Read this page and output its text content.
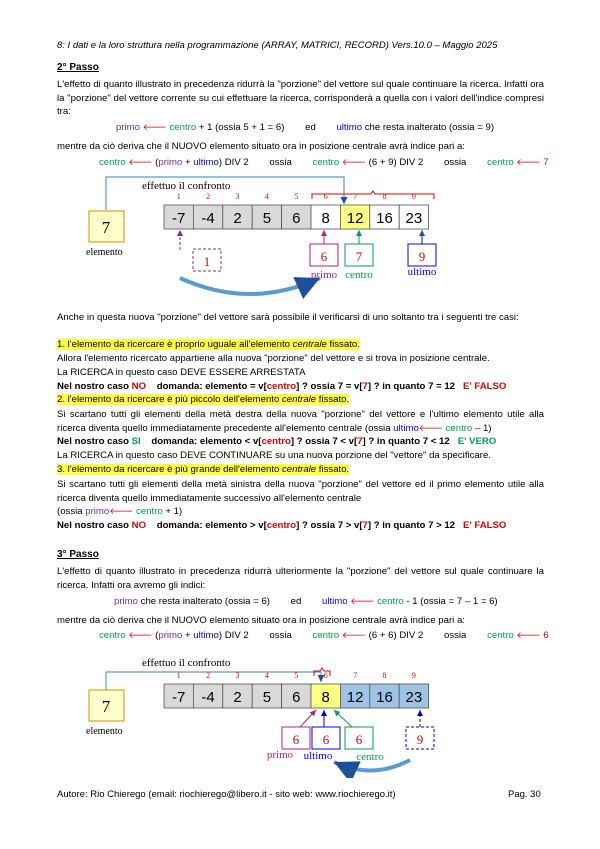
8: I dati e la loro struttura nella programmazione (ARRAY, MATRICI, RECORD) Vers.10.0 – Maggio 2025
2° Passo
L'effetto di quanto illustrato in precedenza ridurrà la "porzione" del vettore sul quale continuare la ricerca. Infatti ora la "porzione" del vettore corrente su cui effettuare la ricerca, corrisponderà a quella con i valori dell'indice compresi tra:
primo 🡐 centro + 1 (ossia 5 + 1 = 6) ed ultimo che resta inalterato (ossia = 9)
mentre da ciò deriva che il NUOVO elemento situato ora in posizione centrale avrà indice pari a:
centro 🡐 (primo + ultimo) DIV 2 ossia centro 🡐 (6 + 9) DIV 2 ossia centro 🡐 7
effettuo il confronto
7
elemento
1
-7
2
-4
3
2
4
5
5
6
6
8
7
12
8
16
9
23
1	6
primo
7
centro
9
ultimo
Anche in questa nuova "porzione" del vettore sarà possibile il verificarsi di uno soltanto tra i seguenti tre casi:
1. l'elemento da ricercare è proprio uguale all'elemento centrale fissato.
Allora l'elemento ricercato appartiene alla nuova "porzione" del vettore e si trova in posizione centrale.
La RICERCA in questo caso DEVE ESSERE ARRESTATA
Nel nostro caso NO domanda: elemento = v[centro] ? ossia 7 = v[7] ? in quanto 7 = 12 E' FALSO
2. l'elemento da ricercare è più piccolo dell'elemento centrale fissato.
Si scartano tutti gli elementi della metà destra della nuova "porzione" del vettore e l'ultimo elemento utile alla ricerca diventa quello immediatamente precedente all'elemento centrale (ossia ultimo🡐 centro – 1)
Nel nostro caso SI domanda: elemento < v[centro] ? ossia 7 < v[7] ? in quanto 7 < 12 E' VERO
La RICERCA in questo caso DEVE CONTINUARE su una nuova porzione del "vettore" da specificare.
3. l'elemento da ricercare è più grande dell'elemento centrale fissato.
Si scartano tutti gli elementi della metà sinistra della nuova "porzione" del vettore ed il primo elemento utile alla ricerca diventa quello immediatamente successivo all'elemento centrale
(ossia primo🡐 centro + 1)
Nel nostro caso NO domanda: elemento > v[centro] ? ossia 7 > v[7] ? in quanto 7 > 12 E' FALSO
3° Passo
L'effetto di quanto illustrato in precedenza ridurrà ulteriormente la "porzione" del vettore sul quale continuare la ricerca. Infatti ora avremo gli indici:
primo che resta inalterato (ossia = 6) ed ultimo 🡐 centro - 1 (ossia = 7 – 1 = 6)
mentre da ciò deriva che il NUOVO elemento situato ora in posizione centrale avrà indice pari a:
centro 🡐 (primo + ultimo) DIV 2 ossia centro 🡐 (6 + 6) DIV 2 ossia centro 🡐 6
effettuo il confronto
7
elemento
1
-7
2
-4
3
2
4
5
5
6
6
8
7
12
8
16
9
23
6
primo
6
ultimo
6
centro
9
Autore: Rio Chierego (email: riochierego@libero.it - sito web: www.riochierego.it)	Pag. 30
